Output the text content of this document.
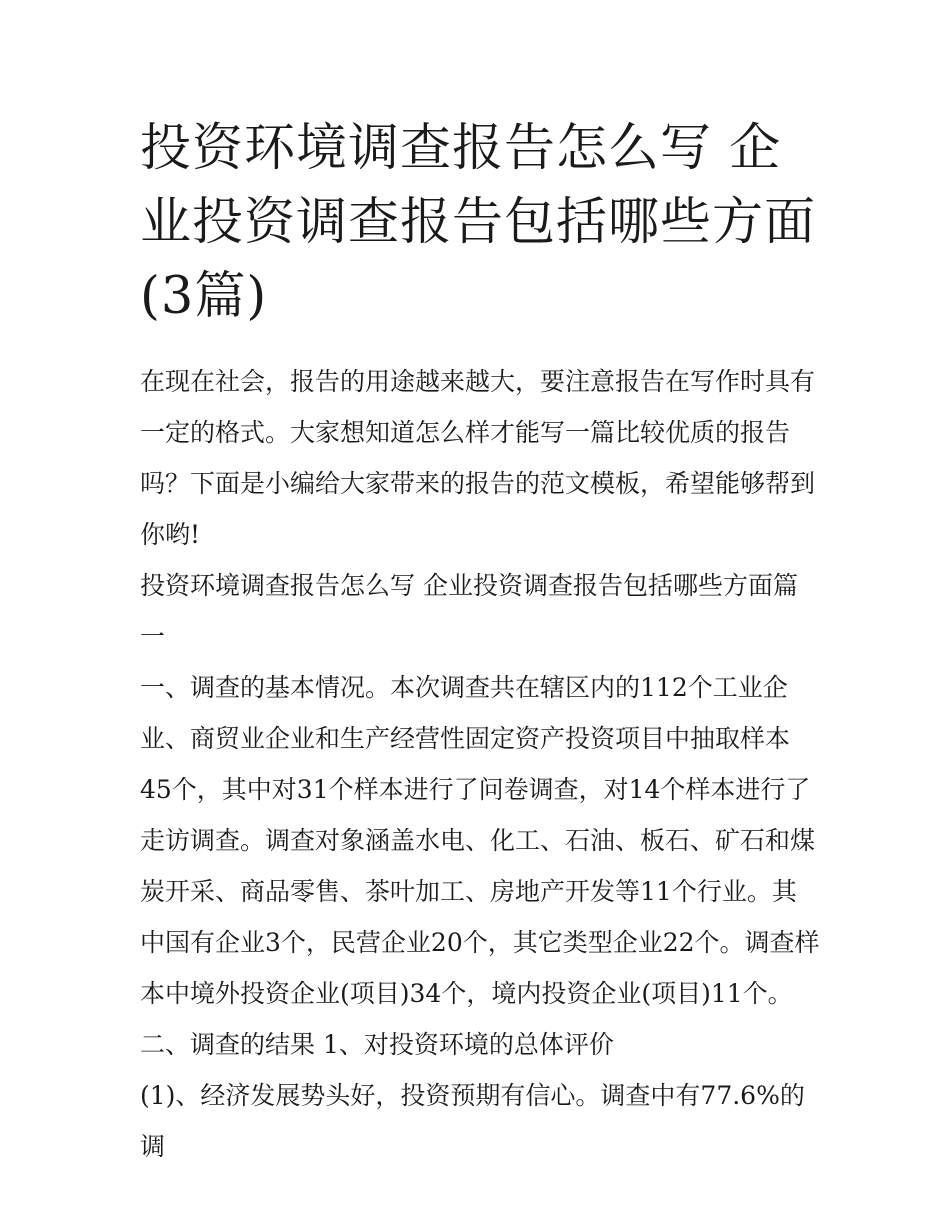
投资环境调查报告怎么写 企业投资调查报告包括哪些方面(3篇)

在现在社会，报告的用途越来越大，要注意报告在写作时具有一定的格式。大家想知道怎么样才能写一篇比较优质的报告吗？下面是小编给大家带来的报告的范文模板，希望能够帮到你哟!

投资环境调查报告怎么写 企业投资调查报告包括哪些方面篇一

一、调查的基本情况。本次调查共在辖区内的112个工业企业、商贸业企业和生产经营性固定资产投资项目中抽取样本45个，其中对31个样本进行了问卷调查，对14个样本进行了走访调查。调查对象涵盖水电、化工、石油、板石、矿石和煤炭开采、商品零售、茶叶加工、房地产开发等11个行业。其中国有企业3个，民营企业20个，其它类型企业22个。调查样本中境外投资企业(项目)34个，境内投资企业(项目)11个。

二、调查的结果 1、对投资环境的总体评价

(1)、经济发展势头好，投资预期有信心。调查中有77.6%的调
